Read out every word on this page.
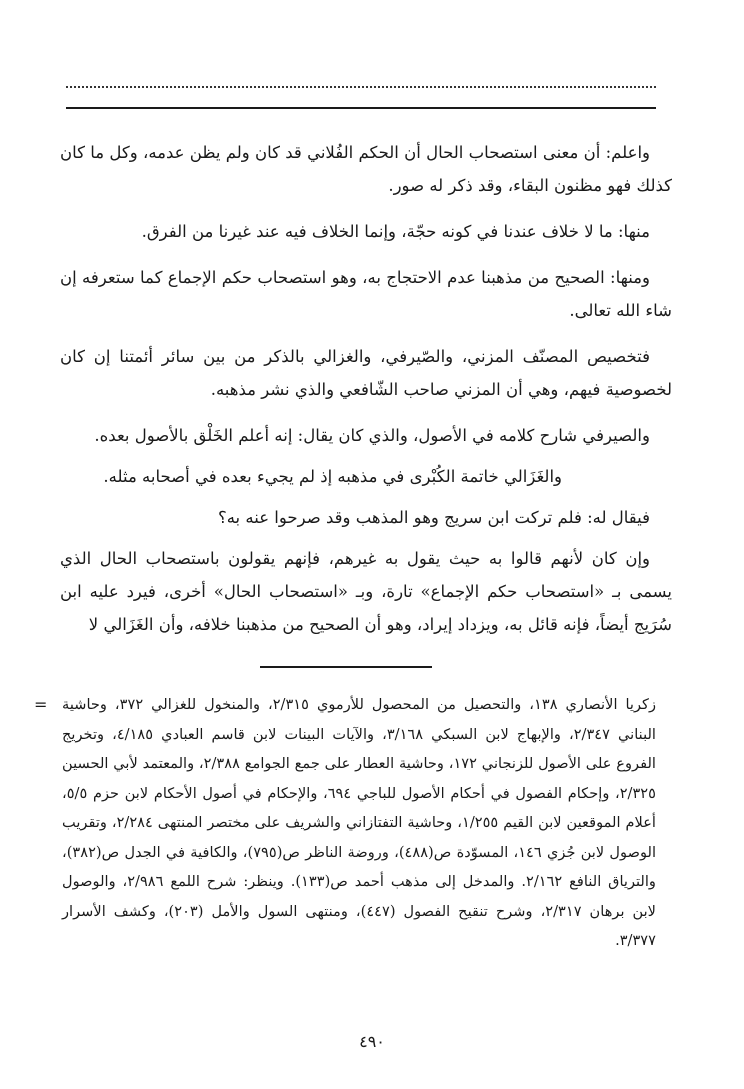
واعلم: أن معنى استصحاب الحال أن الحكم الفُلاني قد كان ولم يظن عدمه، وكل ما كان كذلك فهو مظنون البقاء، وقد ذكر له صور.

منها: ما لا خلاف عندنا في كونه حجّة، وإنما الخلاف فيه عند غيرنا من الفرق.

ومنها: الصحيح من مذهبنا عدم الاحتجاج به، وهو استصحاب حكم الإجماع كما ستعرفه إن شاء الله تعالى.

فتخصيص المصنّف المزني، والصّيرفي، والغزالي بالذكر من بين سائر أئمتنا إن كان لخصوصية فيهم، وهي أن المزني صاحب الشّافعي والذي نشر مذهبه.

والصيرفي شارح كلامه في الأصول، والذي كان يقال: إنه أعلم الخَلْق بالأصول بعده.

والغَزَالي خاتمة الكُبْرى في مذهبه إذ لم يجيء بعده في أصحابه مثله.

فيقال له: فلم تركت ابن سريج وهو المذهب وقد صرحوا عنه به؟

وإن كان لأنهم قالوا به حيث يقول به غيرهم، فإنهم يقولون باستصحاب الحال الذي يسمى بـ «استصحاب حكم الإجماع» تارة، وبـ «استصحاب الحال» أخرى، فيرد عليه ابن سُرَيج أيضاً، فإنه قائل به، ويزداد إيراد، وهو أن الصحيح من مذهبنا خلافه، وأن الغَزَالي لا

= زكريا الأنصاري ١٣٨، والتحصيل من المحصول للأرموي ٢/٣١٥، والمنخول للغزالي ٣٧٢، وحاشية البناني ٢/٣٤٧، والإبهاج لابن السبكي ٣/١٦٨، والآيات البينات لابن قاسم العبادي ٤/١٨٥، وتخريج الفروع على الأصول للزنجاني ١٧٢، وحاشية العطار على جمع الجوامع ٢/٣٨٨، والمعتمد لأبي الحسين ٢/٣٢٥، وإحكام الفصول في أحكام الأصول للباجي ٦٩٤، والإحكام في أصول الأحكام لابن حزم ٥/٥، أعلام الموقعين لابن القيم ١/٢٥٥، وحاشية التفتازاني والشريف على مختصر المنتهى ٢/٢٨٤، وتقريب الوصول لابن جُزي ١٤٦، المسوّدة ص(٤٨٨)، وروضة الناظر ص(٧٩٥)، والكافية في الجدل ص(٣٨٢)، والترياق النافع ٢/١٦٢. والمدخل إلى مذهب أحمد ص(١٣٣). وينظر: شرح اللمع ٢/٩٨٦، والوصول لابن برهان ٢/٣١٧، وشرح تنقيح الفصول (٤٤٧)، ومنتهى السول والأمل (٢٠٣)، وكشف الأسرار ٣/٣٧٧.
٤٩٠
